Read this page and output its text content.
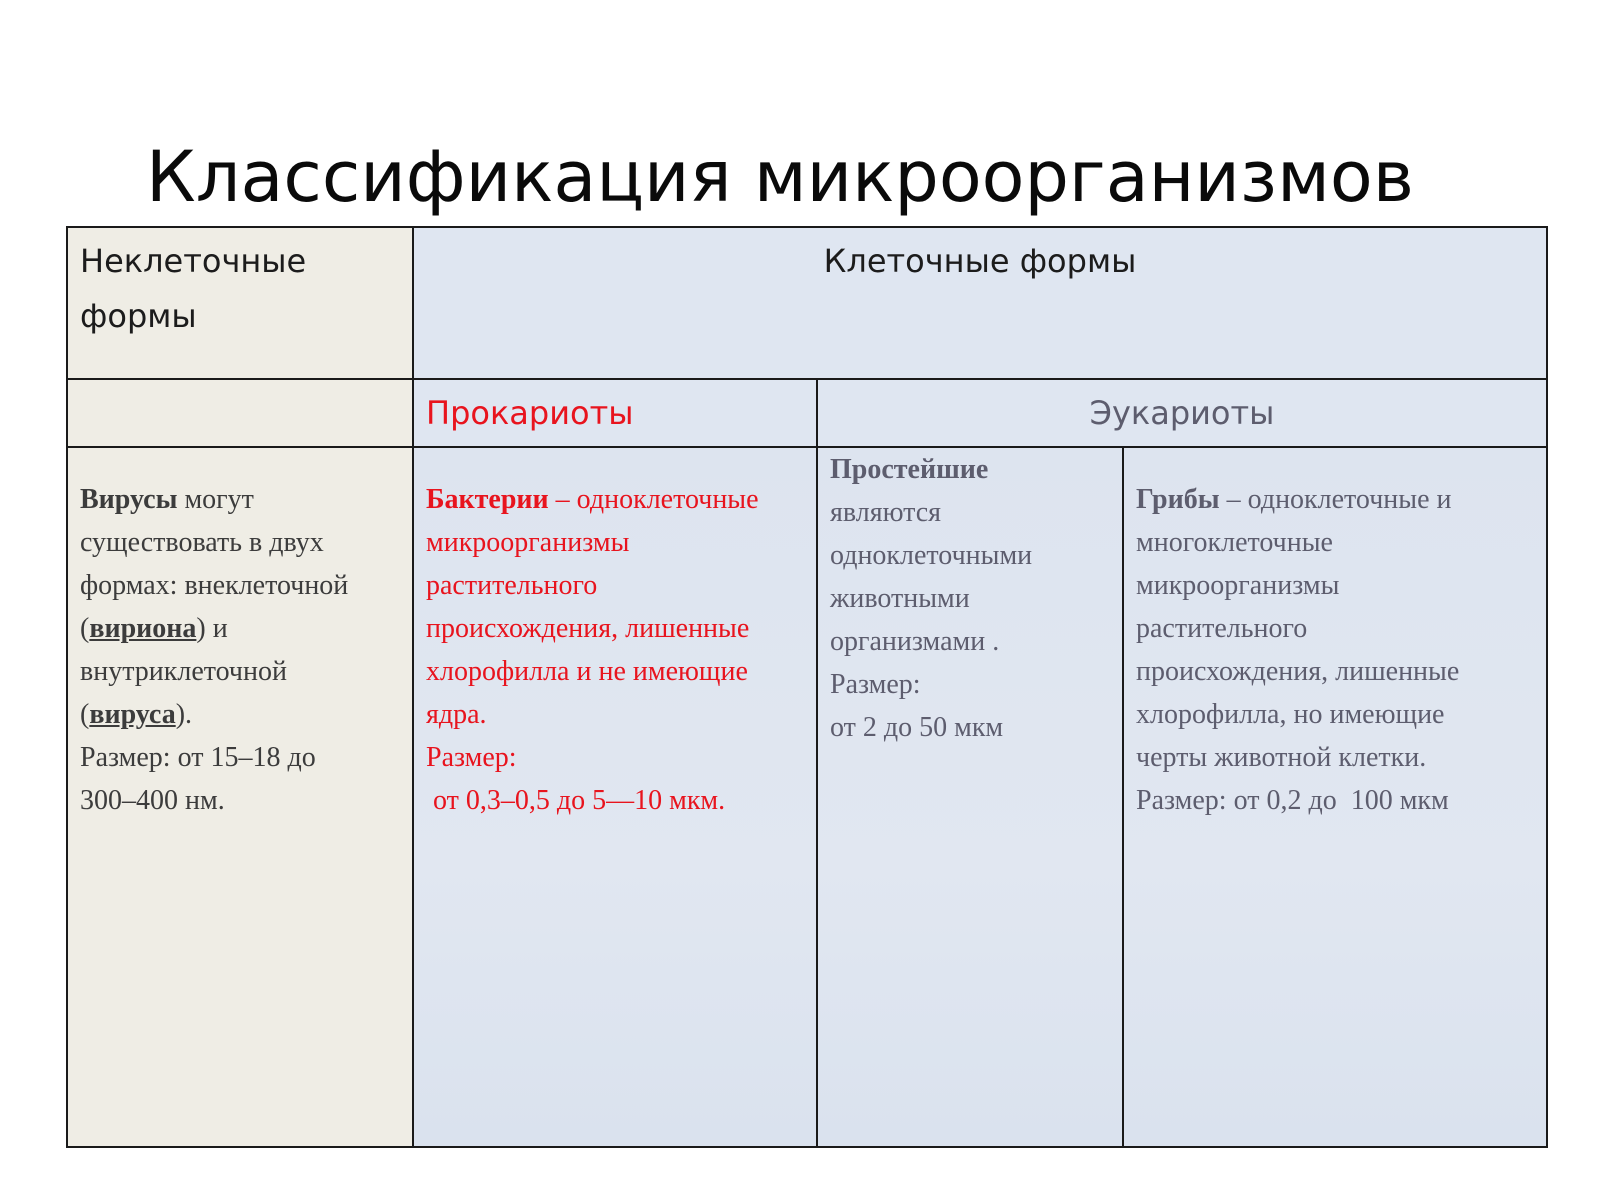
Классификация микроорганизмов
Неклеточные
формы
Клеточные формы
Прокариоты	Эукариоты
Вирусы могут
существовать в двух
формах: внеклеточной
(вириона) и
внутриклеточной
(вируса).
Размер: от 15–18 до
300–400 нм.
Бактерии – одноклеточные
микроорганизмы
растительного
происхождения, лишенные
хлорофилла и не имеющие
ядра.
Размер:
от 0,3–0,5 до 5—10 мкм.
Простейшие
являются
одноклеточными
животными
организмами .
Размер:
от 2 до 50 мкм
Грибы – одноклеточные и
многоклеточные
микроорганизмы
растительного
происхождения, лишенные
хлорофилла, но имеющие
черты животной клетки.
Размер: от 0,2 до  100 мкм
